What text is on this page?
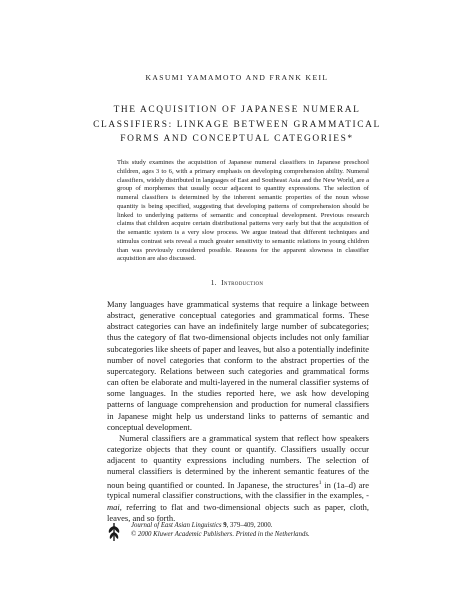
KASUMI YAMAMOTO AND FRANK KEIL
THE ACQUISITION OF JAPANESE NUMERAL
CLASSIFIERS: LINKAGE BETWEEN GRAMMATICAL
FORMS AND CONCEPTUAL CATEGORIES*
This study examines the acquisition of Japanese numeral classifiers in Japanese preschool children, ages 3 to 6, with a primary emphasis on developing comprehension ability. Numeral classifiers, widely distributed in languages of East and Southeast Asia and the New World, are a group of morphemes that usually occur adjacent to quantity expressions. The selection of numeral classifiers is determined by the inherent semantic properties of the noun whose quantity is being specified, suggesting that developing patterns of comprehension should be linked to underlying patterns of semantic and conceptual development. Previous research claims that children acquire certain distributional patterns very early but that the acquisition of the semantic system is a very slow process. We argue instead that different techniques and stimulus contrast sets reveal a much greater sensitivity to semantic relations in young children than was previously considered possible. Reasons for the apparent slowness in classifier acquisition are also discussed.
1. Introduction

Many languages have grammatical systems that require a linkage between abstract, generative conceptual categories and grammatical forms. These abstract categories can have an indefinitely large number of subcategories; thus the category of flat two-dimensional objects includes not only familiar subcategories like sheets of paper and leaves, but also a potentially indefinite number of novel categories that conform to the abstract properties of the supercategory. Relations between such categories and grammatical forms can often be elaborate and multi-layered in the numeral classifier systems of some languages. In the studies reported here, we ask how developing patterns of language comprehension and production for numeral classifiers in Japanese might help us understand links to patterns of semantic and conceptual development.

Numeral classifiers are a grammatical system that reflect how speakers categorize objects that they count or quantify. Classifiers usually occur adjacent to quantity expressions including numbers. The selection of numeral classifiers is determined by the inherent semantic features of the noun being quantified or counted. In Japanese, the structures$^1$ in (1a–d) are typical numeral classifier constructions, with the classifier in the examples, -mai, referring to flat and two-dimensional objects such as paper, cloth, leaves, and so forth.

Journal of East Asian Linguistics 9, 379–409, 2000.
© 2000 Kluwer Academic Publishers. Printed in the Netherlands.
